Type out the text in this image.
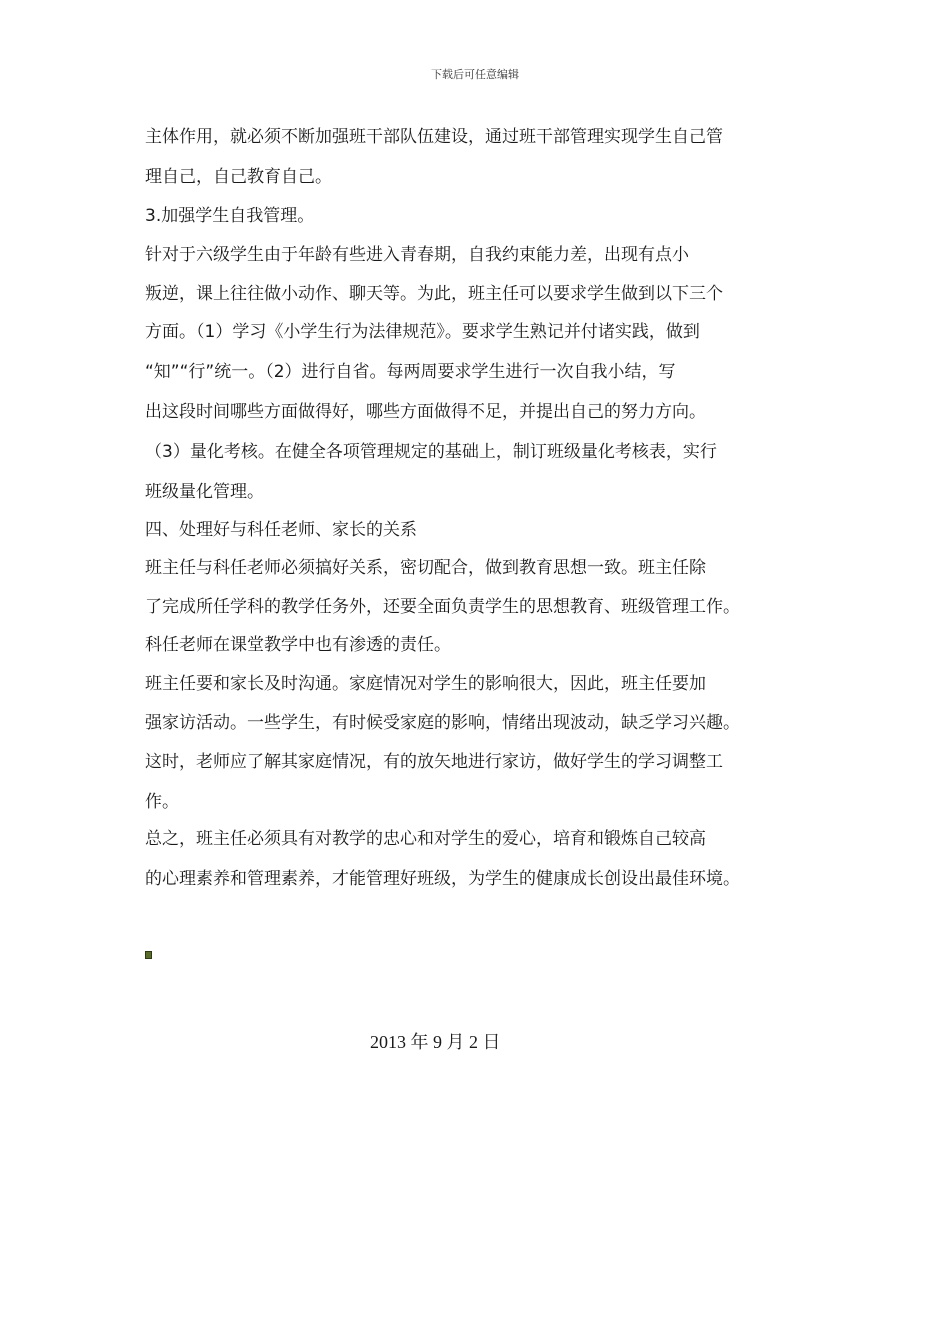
下载后可任意编辑
主体作用，就必须不断加强班干部队伍建设，通过班干部管理实现学生自己管
理自己，自己教育自己。
3.加强学生自我管理。
针对于六级学生由于年龄有些进入青春期，自我约束能力差，出现有点小
叛逆，课上往往做小动作、聊天等。为此，班主任可以要求学生做到以下三个
方面。（1）学习《小学生行为法律规范》。要求学生熟记并付诸实践，做到
“知”“行”统一。（2）进行自省。每两周要求学生进行一次自我小结，写
出这段时间哪些方面做得好，哪些方面做得不足，并提出自己的努力方向。
（3）量化考核。在健全各项管理规定的基础上，制订班级量化考核表，实行
班级量化管理。
四、处理好与科任老师、家长的关系
班主任与科任老师必须搞好关系，密切配合，做到教育思想一致。班主任除
了完成所任学科的教学任务外，还要全面负责学生的思想教育、班级管理工作。
科任老师在课堂教学中也有渗透的责任。
班主任要和家长及时沟通。家庭情况对学生的影响很大，因此，班主任要加
强家访活动。一些学生，有时候受家庭的影响，情绪出现波动，缺乏学习兴趣。
这时，老师应了解其家庭情况，有的放矢地进行家访，做好学生的学习调整工
作。
总之，班主任必须具有对教学的忠心和对学生的爱心，培育和锻炼自己较高
的心理素养和管理素养，才能管理好班级，为学生的健康成长创设出最佳环境。
2013 年 9 月 2 日
